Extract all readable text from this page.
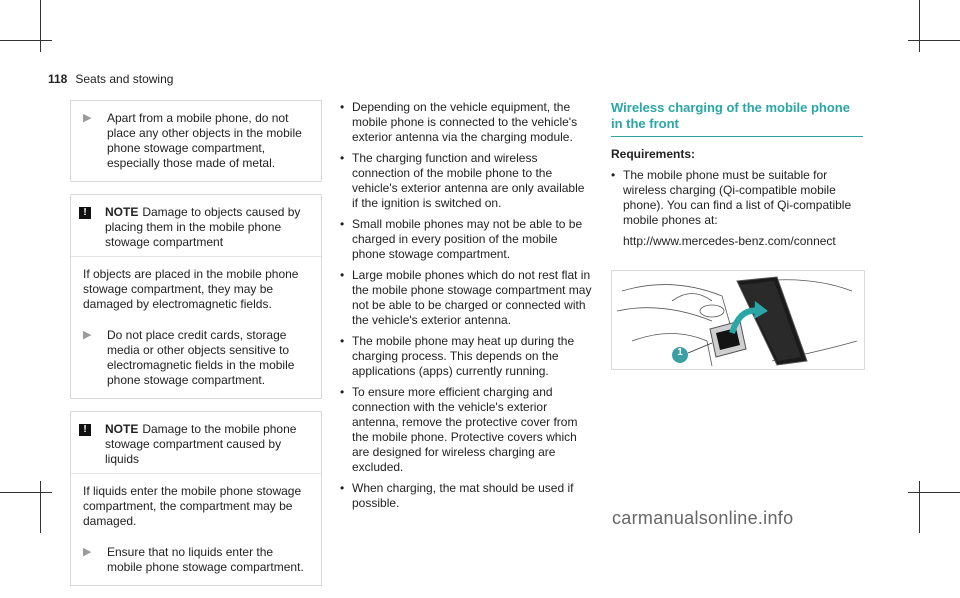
118 Seats and stowing
▶	Apart from a mobile phone, do not place any other objects in the mobile phone stowage compartment, especially those made of metal.
!	NOTE Damage to objects caused by placing them in the mobile phone stowage compartment
If objects are placed in the mobile phone stowage compartment, they may be damaged by electromagnetic fields.
▶	Do not place credit cards, storage media or other objects sensitive to electromagnetic fields in the mobile phone stowage compartment.
!	NOTE Damage to the mobile phone stowage compartment caused by liquids
If liquids enter the mobile phone stowage compartment, the compartment may be damaged.
▶	Ensure that no liquids enter the mobile phone stowage compartment.
• Depending on the vehicle equipment, the mobile phone is connected to the vehicle's exterior antenna via the charging module.
• The charging function and wireless connection of the mobile phone to the vehicle's exterior antenna are only available if the ignition is switched on.
• Small mobile phones may not be able to be charged in every position of the mobile phone stowage compartment.
• Large mobile phones which do not rest flat in the mobile phone stowage compartment may not be able to be charged or connected with the vehicle's exterior antenna.
• The mobile phone may heat up during the charging process. This depends on the applications (apps) currently running.
• To ensure more efficient charging and connection with the vehicle's exterior antenna, remove the protective cover from the mobile phone. Protective covers which are designed for wireless charging are excluded.
• When charging, the mat should be used if possible.
Wireless charging of the mobile phone in the front
Requirements:
• The mobile phone must be suitable for wireless charging (Qi-compatible mobile phone). You can find a list of Qi-compatible mobile phones at:
http://www.mercedes-benz.com/connect
1
carmanualsonline.info
